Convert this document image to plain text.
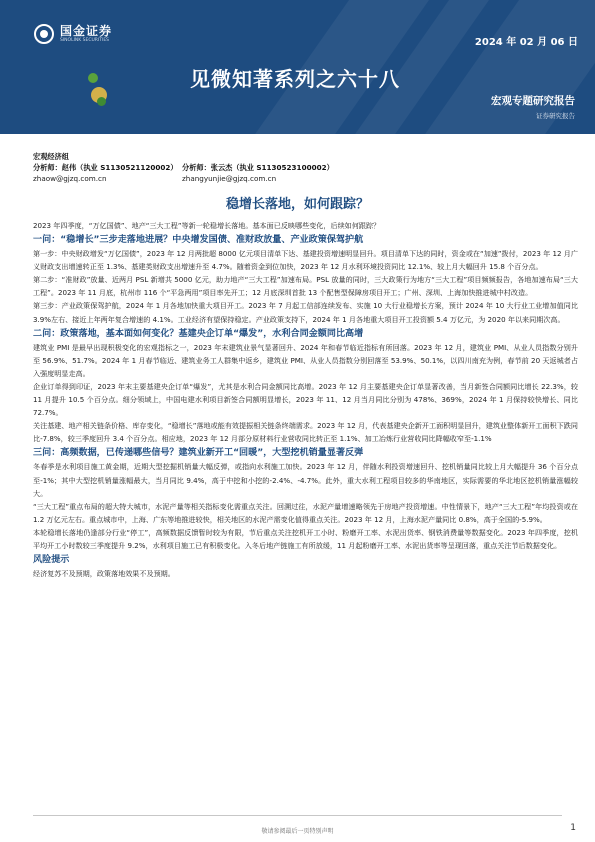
国金证券
SINOLINK SECURITIES	2024 年 02 月 06 日
见微知著系列之六十八
宏观专题研究报告
证券研究报告
宏观经济组
分析师：赵伟（执业 S1130521120002）
zhaow@gjzq.com.cn
分析师：张云杰（执业 S1130523100002）
zhangyunjie@gjzq.com.cn
稳增长落地，如何跟踪？

2023 年四季度，“万亿国债”、地产“三大工程”等新一轮稳增长落地。基本面已反映哪些变化，后续如何跟踪？

一问：“稳增长”三步走落地进展？中央增发国债、准财政放量、产业政策保驾护航

第一步：中央财政增发“万亿国债”，2023 年 12 月两批超 8000 亿元项目清单下达、基建投资增速明显回升。项目清单下达的同时，资金或在“加速”拨付，2023 年 12 月广义财政支出增速转正至 1.3%、基建类财政支出增速升至 4.7%。随着资金到位加快，2023 年 12 月水利环境投资同比 12.1%、较上月大幅回升 15.8 个百分点。

第二步：“准财政”放量、近两月 PSL 新增共 5000 亿元，助力地产“三大工程”加速布局。PSL 放量的同时，三大政策行为地方“三大工程”项目频频报告，各地加速布局“三大工程”。2023 年 11 月底，杭州市 116 个“平急两用”项目率先开工；12 月底深圳首批 13 个配售型保障房项目开工；广州、深圳、上海加快推进城中村改造。

第三步：产业政策保驾护航，2024 年 1 月各地加快重大项目开工。2023 年 7 月起工信部连续发布、实施 10 大行业稳增长方案，预计 2024 年 10 大行业工业增加值同比 3.9%左右、接近上年两年复合增速的 4.1%。工业经济有望保持稳定。产业政策支持下，2024 年 1 月各地重大项目开工投资额 5.4 万亿元，为 2020 年以来同期次高。

二问：政策落地，基本面如何变化？基建央企订单“爆发”，水利合同金额同比高增

建筑业 PMI 是最早出现积极变化的宏观指标之一，2023 年末建筑业景气显著回升、2024 年和春节临近指标有所回落。2023 年 12 月，建筑业 PMI、从业人员指数分别升至 56.9%、51.7%。2024 年 1 月春节临近、建筑业务工人群集中返乡，建筑业 PMI、从业人员指数分别回落至 53.9%、50.1%，以四川南充为例，春节前 20 天返城者占入强度明显走高。

企业订单得到印证，2023 年末主要基建央企订单“爆发”，尤其是水利合同金额同比高增。2023 年 12 月主要基建央企订单显著改善，当月新签合同额同比增长 22.3%，较 11 月提升 10.5 个百分点。细分领域上，中国电建水利项目新签合同额明显增长，2023 年 11、12 月当月同比分别为 478%、369%，2024 年 1 月保持较快增长、同比 72.7%。

关注基建、地产相关链条价格、库存变化，“稳增长”落地或能有效提振相关链条终端需求。2023 年 12 月，代表基建央企新开工面积明显回升，建筑业整体新开工面积下跌同比-7.8%，较三季度回升 3.4 个百分点。相应地，2023 年 12 月部分原材料行业营收同比转正至 1.1%、加工冶炼行业营收同比降幅收窄至-1.1%

三问：高频数据，已传递哪些信号？建筑业新开工“回暖”，大型挖机销量显著反弹

冬春季是水利项目施工黄金期，近期大型挖掘机销量大幅反弹，或指向水利施工加快。2023 年 12 月，伴随水利投资增速回升、挖机销量同比较上月大幅提升 36 个百分点至-1%；其中大型挖机销量涨幅最大，当月同比 9.4%，高于中挖和小挖的-2.4%、-4.7%。此外，重大水利工程项目较多的华南地区，实际需要的华北地区挖机销量涨幅较大。

“三大工程”重点布局的超大特大城市，水泥产量等相关指标变化需重点关注。回溯过往，水泥产量增速略领先于房地产投资增速。中性情景下，地产“三大工程”年均投资或在 1.2 万亿元左右。重点城市中，上海、广东等地推进较快，相关地区的水泥产需变化值得重点关注。2023 年 12 月，上海水泥产量同比 0.8%，高于全国的-5.9%。

本轮稳增长落地仍逢部分行业“停工”，高频数据反馈暂时较为有限，节后重点关注挖机开工小时、粉磨开工率、水泥出货率、钢铁消费量等数据变化。2023 年四季度，挖机平均开工小时数较三季度提升 9.2%，水利项目施工已有积极变化。入冬后地产链施工有所放缓，11 月起粉磨开工率、水泥出货率等呈现回落，重点关注节后数据变化。

风险提示

经济复苏不及预期，政策落地效果不及预期。

敬请参阅最后一页特别声明	1
